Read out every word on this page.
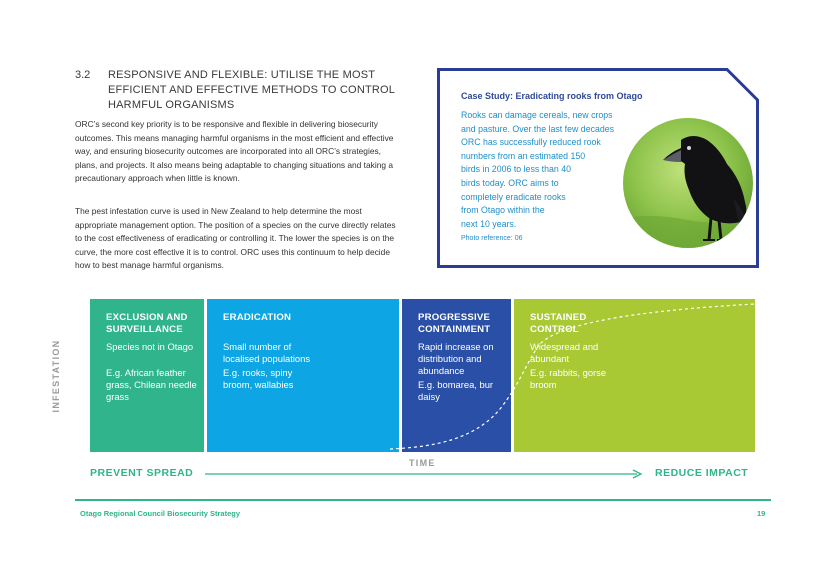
3.2 RESPONSIVE AND FLEXIBLE: UTILISE THE MOST EFFICIENT AND EFFECTIVE METHODS TO CONTROL HARMFUL ORGANISMS

ORC’s second key priority is to be responsive and flexible in delivering biosecurity outcomes. This means managing harmful organisms in the most efficient and effective way, and ensuring biosecurity outcomes are incorporated into all ORC’s strategies, plans, and projects. It also means being adaptable to changing situations and taking a precautionary approach when little is known.

The pest infestation curve is used in New Zealand to help determine the most appropriate management option. The position of a species on the curve directly relates to the cost effectiveness of eradicating or controlling it. The lower the species is on the curve, the more cost effective it is to control. ORC uses this continuum to help decide how to best manage harmful organisms.

Case Study: Eradicating rooks from Otago
Rooks can damage cereals, new crops
and pasture. Over the last few decades
ORC has successfully reduced rook
numbers from an estimated 150
birds in 2006 to less than 40
birds today. ORC aims to
completely eradicate rooks
from Otago within the
next 10 years.
Photo reference: 06
INFESTATION
EXCLUSION AND SURVEILLANCE
Species not in Otago
E.g. African feather grass, Chilean needle grass
ERADICATION
Small number of localised populations
E.g. rooks, spiny broom, wallabies
PROGRESSIVE CONTAINMENT
Rapid increase on distribution and abundance
E.g. bomarea, bur daisy
SUSTAINED CONTROL
Widespread and abundant
E.g. rabbits, gorse broom
TIME
PREVENT SPREAD	REDUCE IMPACT
Otago Regional Council Biosecurity Strategy	19
